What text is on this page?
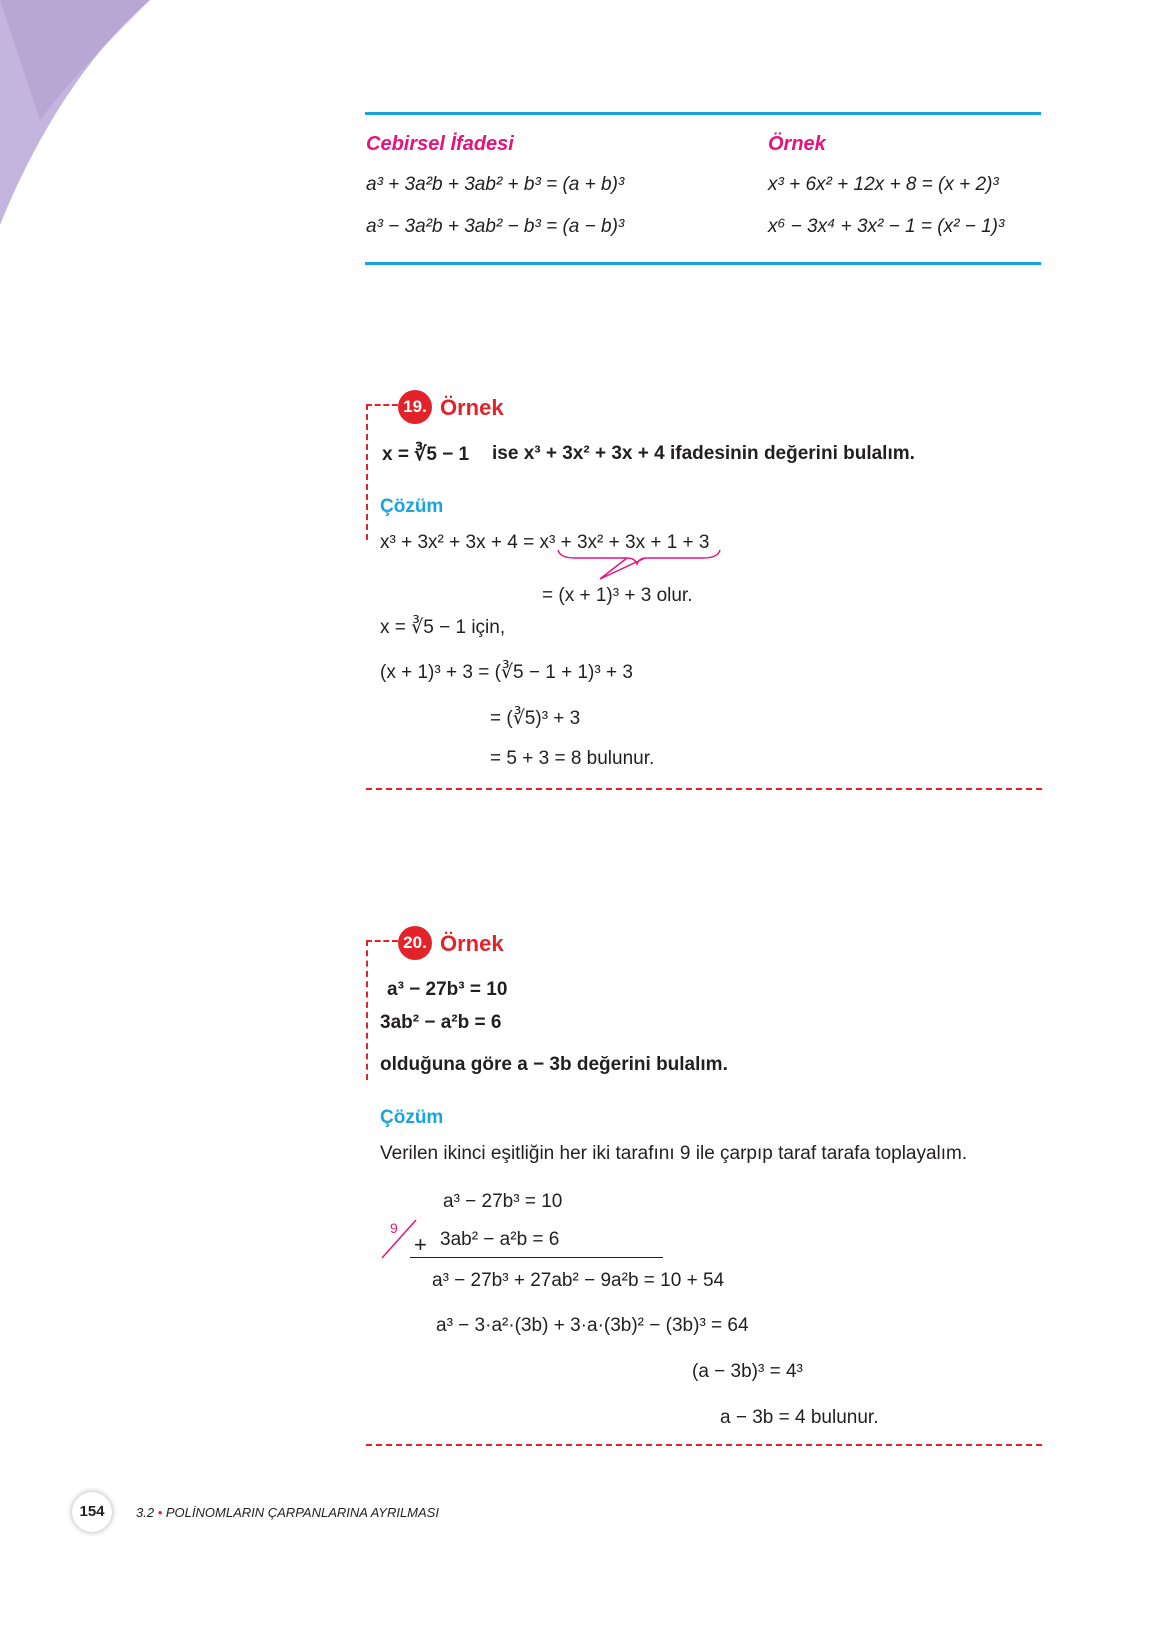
Cebirsel İfadesi	Örnek
a³ + 3a²b + 3ab² + b³ = (a + b)³	x³ + 6x² + 12x + 8 = (x + 2)³
a³ − 3a²b + 3ab² − b³ = (a − b)³	x⁶ − 3x⁴ + 3x² − 1 = (x² − 1)³
19. Örnek
x = ∛5 − 1 ise x³ + 3x² + 3x + 4 ifadesinin değerini bulalım.
Çözüm
x³ + 3x² + 3x + 4 = x³ + 3x² + 3x + 1 + 3
= (x + 1)³ + 3 olur.
x = ∛5 − 1 için,
(x + 1)³ + 3 = (∛5 − 1 + 1)³ + 3
= (∛5)³ + 3
= 5 + 3 = 8 bulunur.
20. Örnek
a³ − 27b³ = 10
3ab² − a²b = 6
olduğuna göre a − 3b değerini bulalım.
Çözüm
Verilen ikinci eşitliğin her iki tarafını 9 ile çarpıp taraf tarafa toplayalım.
a³ − 27b³ = 10
9
+ 3ab² − a²b = 6
a³ − 27b³ + 27ab² − 9a²b = 10 + 54
a³ − 3·a²·(3b) + 3·a·(3b)² − (3b)³ = 64
(a − 3b)³ = 4³
a − 3b = 4 bulunur.
154	3.2 • POLİNOMLARIN ÇARPANLARINA AYRILMASI
